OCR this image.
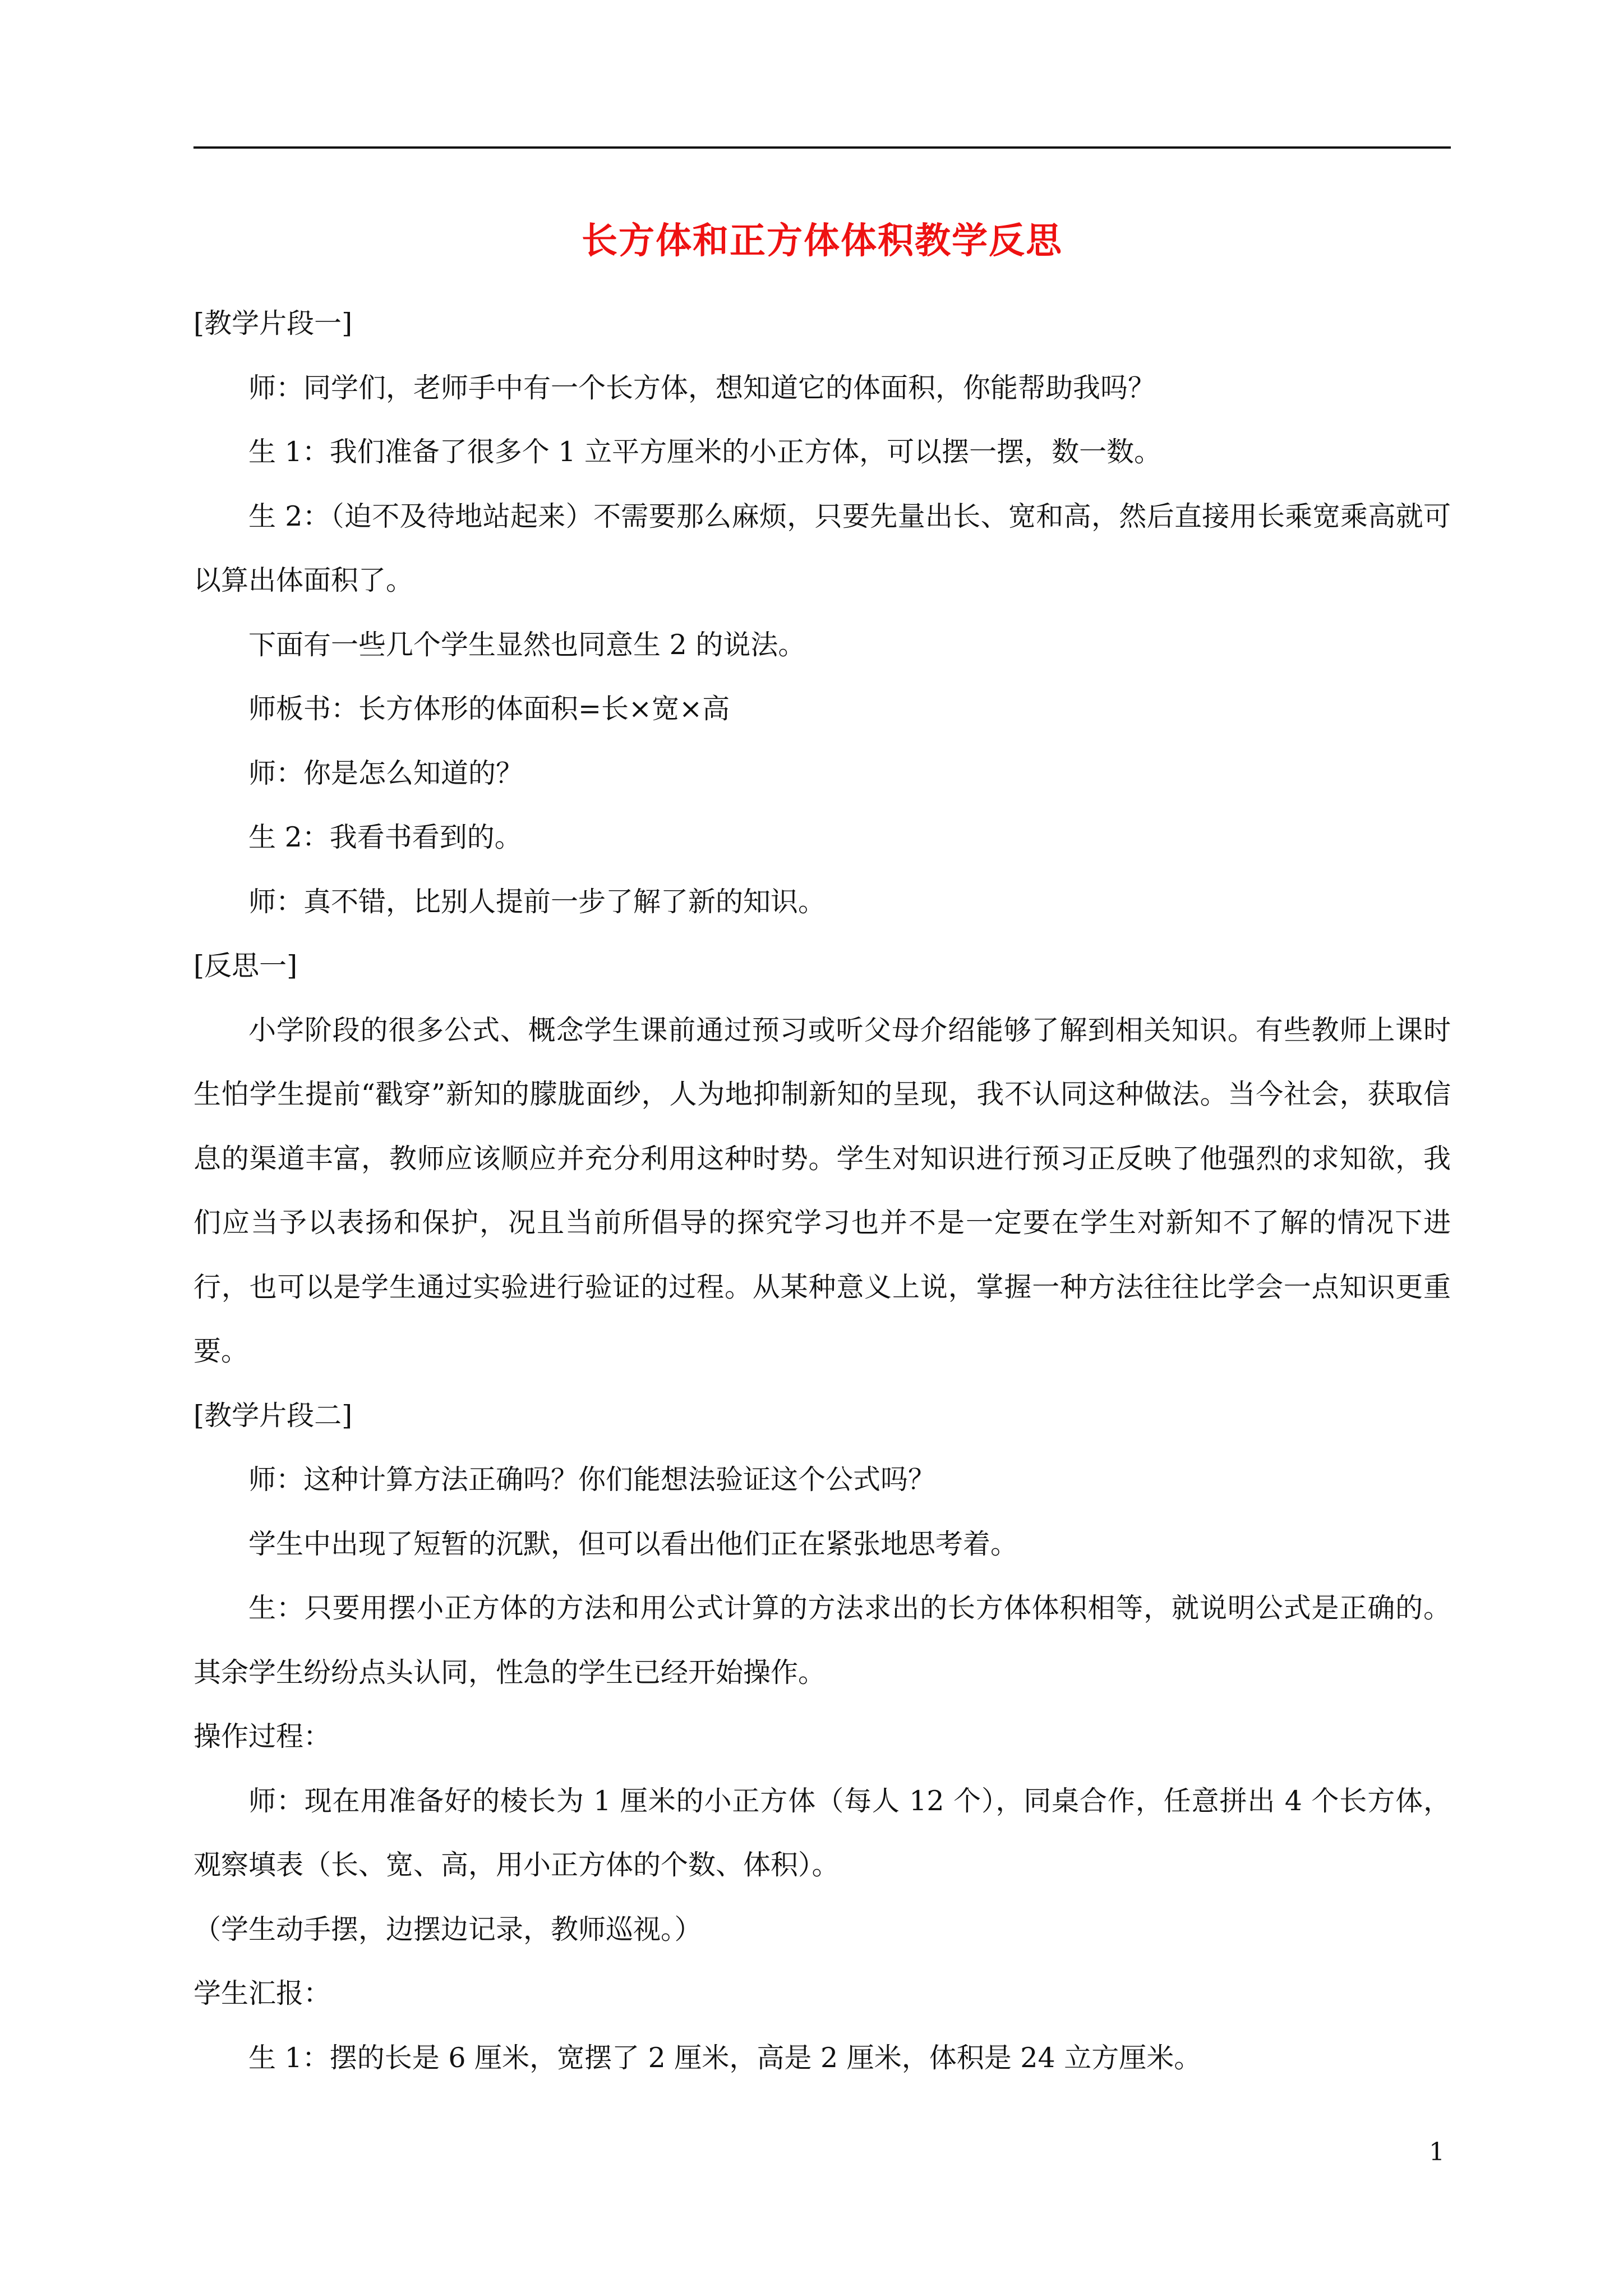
长方体和正方体体积教学反思

[教学片段一]

师：同学们，老师手中有一个长方体，想知道它的体面积，你能帮助我吗？

生 1：我们准备了很多个 1 立平方厘米的小正方体，可以摆一摆，数一数。

生 2：（迫不及待地站起来）不需要那么麻烦，只要先量出长、宽和高，然后直接用长乘宽乘高就可以算出体面积了。

下面有一些几个学生显然也同意生 2 的说法。

师板书：长方体形的体面积=长×宽×高

师：你是怎么知道的？

生 2：我看书看到的。

师：真不错，比别人提前一步了解了新的知识。

[反思一]

小学阶段的很多公式、概念学生课前通过预习或听父母介绍能够了解到相关知识。有些教师上课时生怕学生提前“戳穿”新知的朦胧面纱，人为地抑制新知的呈现，我不认同这种做法。当今社会，获取信息的渠道丰富，教师应该顺应并充分利用这种时势。学生对知识进行预习正反映了他强烈的求知欲，我们应当予以表扬和保护，况且当前所倡导的探究学习也并不是一定要在学生对新知不了解的情况下进行，也可以是学生通过实验进行验证的过程。从某种意义上说，掌握一种方法往往比学会一点知识更重要。

[教学片段二]

师：这种计算方法正确吗？你们能想法验证这个公式吗？

学生中出现了短暂的沉默，但可以看出他们正在紧张地思考着。

生：只要用摆小正方体的方法和用公式计算的方法求出的长方体体积相等，就说明公式是正确的。其余学生纷纷点头认同，性急的学生已经开始操作。

操作过程：

师：现在用准备好的棱长为 1 厘米的小正方体（每人 12 个），同桌合作，任意拼出 4 个长方体，观察填表（长、宽、高，用小正方体的个数、体积）。

（学生动手摆，边摆边记录，教师巡视。）

学生汇报：

生 1：摆的长是 6 厘米，宽摆了 2 厘米，高是 2 厘米，体积是 24 立方厘米。

1
